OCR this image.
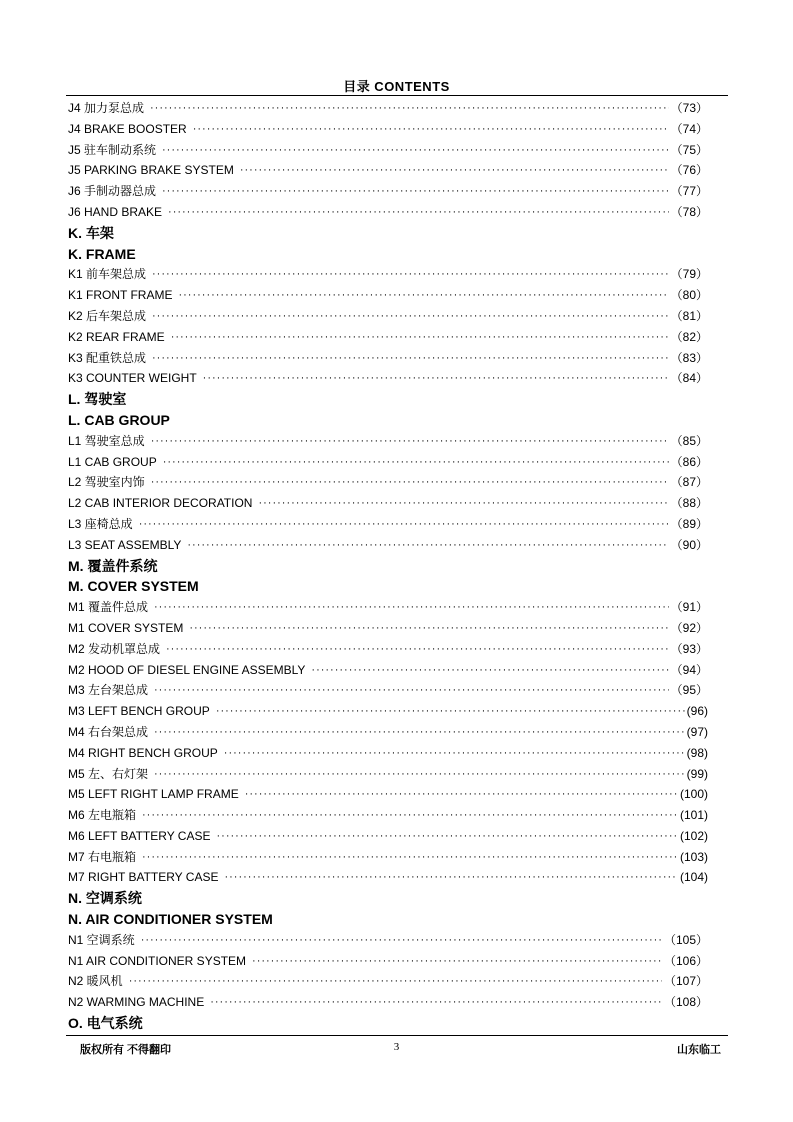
目录 CONTENTS
J4 加力泵总成 ·····	（73）
J4 BRAKE BOOSTER ·····	（74）
J5 驻车制动系统 ·····	（75）
J5 PARKING BRAKE SYSTEM ·····	（76）
J6 手制动器总成 ·····	（77）
J6 HAND BRAKE ·····	（78）
K. 车架
K. FRAME
K1 前车架总成 ·····	（79）
K1 FRONT FRAME ·····	（80）
K2 后车架总成 ·····	（81）
K2 REAR FRAME ·····	（82）
K3 配重铁总成 ·····	（83）
K3 COUNTER WEIGHT ·····	（84）
L. 驾驶室
L. CAB GROUP
L1 驾驶室总成 ·····	（85）
L1 CAB GROUP ·····	（86）
L2 驾驶室内饰 ·····	（87）
L2 CAB INTERIOR DECORATION ·····	（88）
L3 座椅总成 ·····	（89）
L3 SEAT ASSEMBLY ·····	（90）
M. 覆盖件系统
M. COVER SYSTEM
M1 覆盖件总成 ·····	（91）
M1 COVER SYSTEM ·····	（92）
M2 发动机罩总成 ·····	（93）
M2 HOOD OF DIESEL ENGINE ASSEMBLY ·····	（94）
M3 左台架总成 ·····	（95）
M3 LEFT BENCH GROUP ·····	(96)
M4 右台架总成 ·····	(97)
M4 RIGHT BENCH GROUP ·····	(98)
M5 左、右灯架 ·····	(99)
M5 LEFT RIGHT LAMP FRAME ·····	(100)
M6 左电瓶箱 ·····	(101)
M6 LEFT BATTERY CASE ·····	(102)
M7 右电瓶箱 ·····	(103)
M7 RIGHT BATTERY CASE ·····	(104)
N. 空调系统
N. AIR CONDITIONER SYSTEM
N1 空调系统 ·····	（105）
N1 AIR CONDITIONER SYSTEM ·····	（106）
N2 暖风机 ·····	（107）
N2 WARMING MACHINE ·····	（108）
O. 电气系统
版权所有 不得翻印	3	山东临工
